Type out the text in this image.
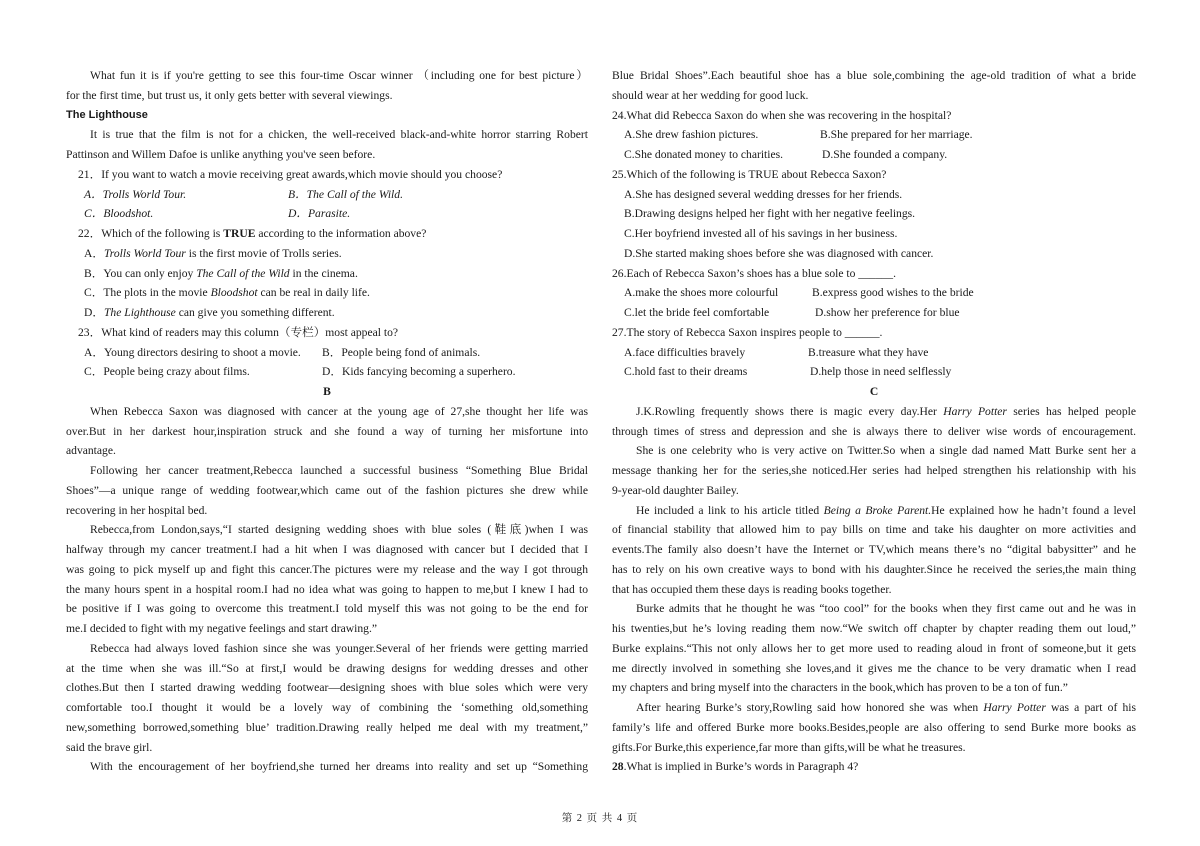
What fun it is if you're getting to see this four-time Oscar winner （including one for best picture）
for the first time, but trust us, it only gets better with several viewings.
The Lighthouse
It is true that the film is not for a chicken, the well-received black-and-white horror starring Robert
Pattinson and Willem Dafoe is unlike anything you've seen before.
21．If you want to watch a movie receiving great awards,which movie should you choose?
A．Trolls World Tour.	B．The Call of the Wild.
C．Bloodshot.	D．Parasite.
22．Which of the following is TRUE according to the information above?
A．Trolls World Tour is the first movie of Trolls series.
B．You can only enjoy The Call of the Wild in the cinema.
C．The plots in the movie Bloodshot can be real in daily life.
D．The Lighthouse can give you something different.
23．What kind of readers may this column（专栏）most appeal to?
A．Young directors desiring to shoot a movie.	B．People being fond of animals.
C．People being crazy about films.	D．Kids fancying becoming a superhero.
B
When Rebecca Saxon was diagnosed with cancer at the young age of 27,she thought her life was
over.But in her darkest hour,inspiration struck and she found a way of turning her misfortune into
advantage.
Following her cancer treatment,Rebecca launched a successful business “Something Blue Bridal
Shoes”—a unique range of wedding footwear,which came out of the fashion pictures she drew while
recovering in her hospital bed.
Rebecca,from London,says,“I started designing wedding shoes with blue soles (鞋底)when I was
halfway through my cancer treatment.I had a hit when I was diagnosed with cancer but I decided that I
was going to pick myself up and fight this cancer.The pictures were my release and the way I got through
the many hours spent in a hospital room.I had no idea what was going to happen to me,but I knew I had to
be positive if I was going to overcome this treatment.I told myself this was not going to be the end for
me.I decided to fight with my negative feelings and start drawing.”
Rebecca had always loved fashion since she was younger.Several of her friends were getting married
at the time when she was ill.“So at first,I would be drawing designs for wedding dresses and other
clothes.But then I started drawing wedding footwear—designing shoes with blue soles which were very
comfortable too.I thought it would be a lovely way of combining the ‘something old,something
new,something borrowed,something blue’ tradition.Drawing really helped me deal with my treatment,”
said the brave girl.
With the encouragement of her boyfriend,she turned her dreams into reality and set up “Something
Blue Bridal Shoes”.Each beautiful shoe has a blue sole,combining the age-old tradition of what a bride
should wear at her wedding for good luck.
24.What did Rebecca Saxon do when she was recovering in the hospital?
A.She drew fashion pictures.	B.She prepared for her marriage.
C.She donated money to charities.	D.She founded a company.
25.Which of the following is TRUE about Rebecca Saxon?
A.She has designed several wedding dresses for her friends.
B.Drawing designs helped her fight with her negative feelings.
C.Her boyfriend invested all of his savings in her business.
D.She started making shoes before she was diagnosed with cancer.
26.Each of Rebecca Saxon’s shoes has a blue sole to ______.
A.make the shoes more colourful	B.express good wishes to the bride
C.let the bride feel comfortable	D.show her preference for blue
27.The story of Rebecca Saxon inspires people to ______.
A.face difficulties bravely	B.treasure what they have
C.hold fast to their dreams	D.help those in need selflessly
C
J.K.Rowling frequently shows there is magic every day.Her Harry Potter series has helped people
through times of stress and depression and she is always there to deliver wise words of encouragement.
She is one celebrity who is very active on Twitter.So when a single dad named Matt Burke sent her a
message thanking her for the series,she noticed.Her series had helped strengthen his relationship with his
9-year-old daughter Bailey.
He included a link to his article titled Being a Broke Parent.He explained how he hadn’t found a level
of financial stability that allowed him to pay bills on time and take his daughter on more activities and
events.The family also doesn’t have the Internet or TV,which means there’s no “digital babysitter” and he
has to rely on his own creative ways to bond with his daughter.Since he received the series,the main thing
that has occupied them these days is reading books together.
Burke admits that he thought he was “too cool” for the books when they first came out and he was in
his twenties,but he’s loving reading them now.“We switch off chapter by chapter reading them out loud,”
Burke explains.“This not only allows her to get more used to reading aloud in front of someone,but it gets
me directly involved in something she loves,and it gives me the chance to be very dramatic when I read
my chapters and bring myself into the characters in the book,which has proven to be a ton of fun.”
After hearing Burke’s story,Rowling said how honored she was when Harry Potter was a part of his
family’s life and offered Burke more books.Besides,people are also offering to send Burke more books as
gifts.For Burke,this experience,far more than gifts,will be what he treasures.
28.What is implied in Burke’s words in Paragraph 4?
第 2 页 共 4 页
